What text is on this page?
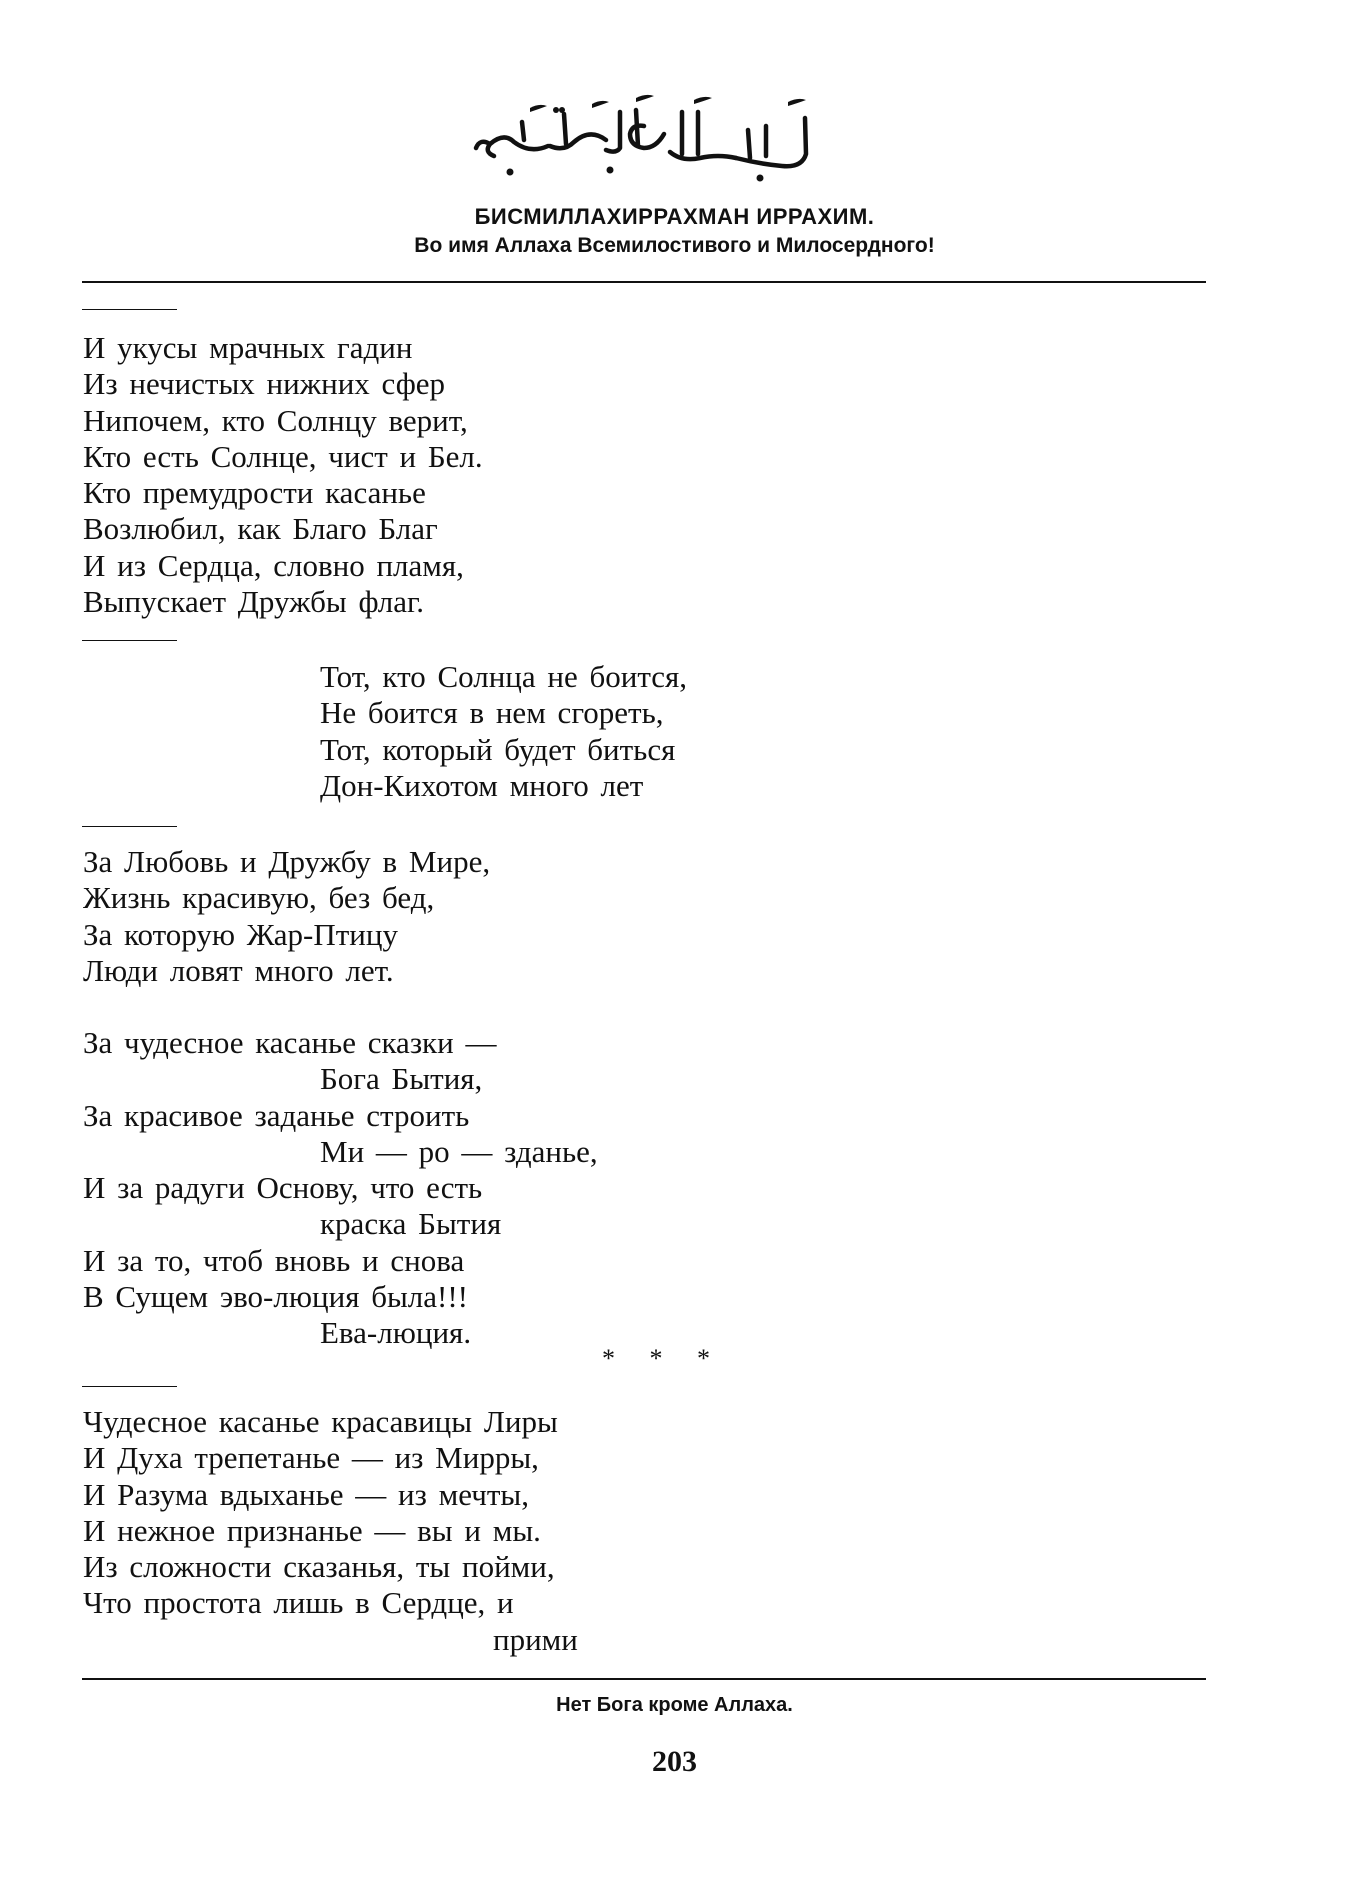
БИСМИЛЛАХИРРАХМАН ИРРАХИМ.
Во имя Аллаха Всемилостивого и Милосердного!
И укусы мрачных гадин
Из нечистых нижних сфер
Нипочем, кто Солнцу верит,
Кто есть Солнце, чист и Бел.
Кто премудрости касанье
Возлюбил, как Благо Благ
И из Сердца, словно пламя,
Выпускает Дружбы флаг.
Тот, кто Солнца не боится,
Не боится в нем сгореть,
Тот, который будет биться
Дон-Кихотом много лет
За Любовь и Дружбу в Мире,
Жизнь красивую, без бед,
За которую Жар-Птицу
Люди ловят много лет.
За чудесное касанье сказки —
Бога Бытия,
За красивое заданье строить
Ми — ро — зданье,
И за радуги Основу, что есть
краска Бытия
И за то, чтоб вновь и снова
В Сущем эво-люция была!!!
Ева-люция.
* * *
Чудесное касанье красавицы Лиры
И Духа трепетанье — из Мирры,
И Разума вдыханье — из мечты,
И нежное признанье — вы и мы.
Из сложности сказанья, ты пойми,
Что простота лишь в Сердце, и
прими
Нет Бога кроме Аллаха.
203
